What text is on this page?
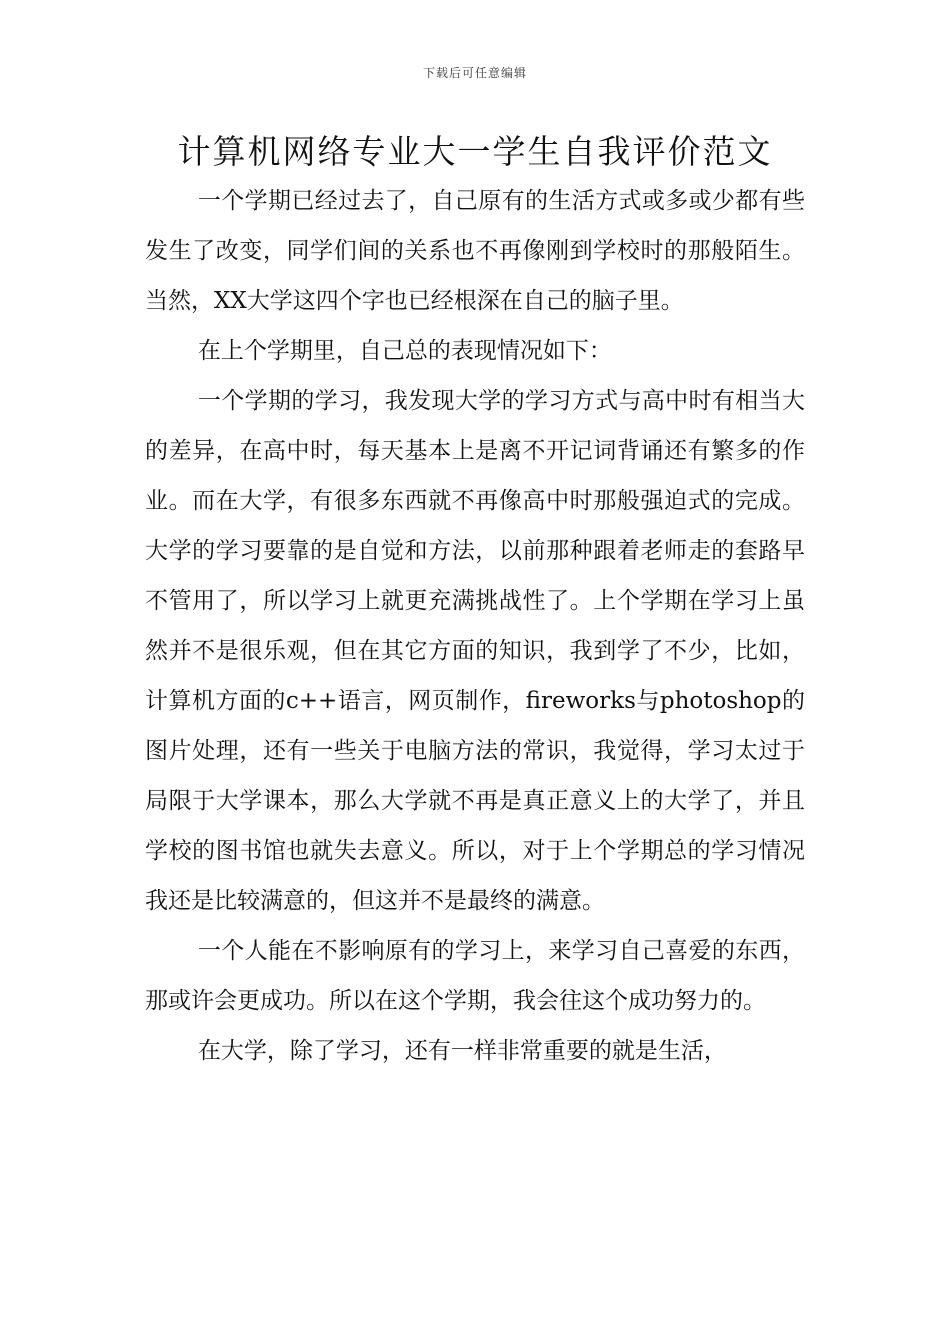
下载后可任意编辑
计算机网络专业大一学生自我评价范文

一个学期已经过去了，自己原有的生活方式或多或少都有些发生了改变，同学们间的关系也不再像刚到学校时的那般陌生。当然，XX大学这四个字也已经根深在自己的脑子里。

在上个学期里，自己总的表现情况如下：

一个学期的学习，我发现大学的学习方式与高中时有相当大的差异，在高中时，每天基本上是离不开记词背诵还有繁多的作业。而在大学，有很多东西就不再像高中时那般强迫式的完成。大学的学习要靠的是自觉和方法，以前那种跟着老师走的套路早不管用了，所以学习上就更充满挑战性了。上个学期在学习上虽然并不是很乐观，但在其它方面的知识，我到学了不少，比如，计算机方面的c++语言，网页制作，fireworks与photoshop的图片处理，还有一些关于电脑方法的常识，我觉得，学习太过于局限于大学课本，那么大学就不再是真正意义上的大学了，并且学校的图书馆也就失去意义。所以，对于上个学期总的学习情况我还是比较满意的，但这并不是最终的满意。

一个人能在不影响原有的学习上，来学习自己喜爱的东西，那或许会更成功。所以在这个学期，我会往这个成功努力的。

在大学，除了学习，还有一样非常重要的就是生活，
